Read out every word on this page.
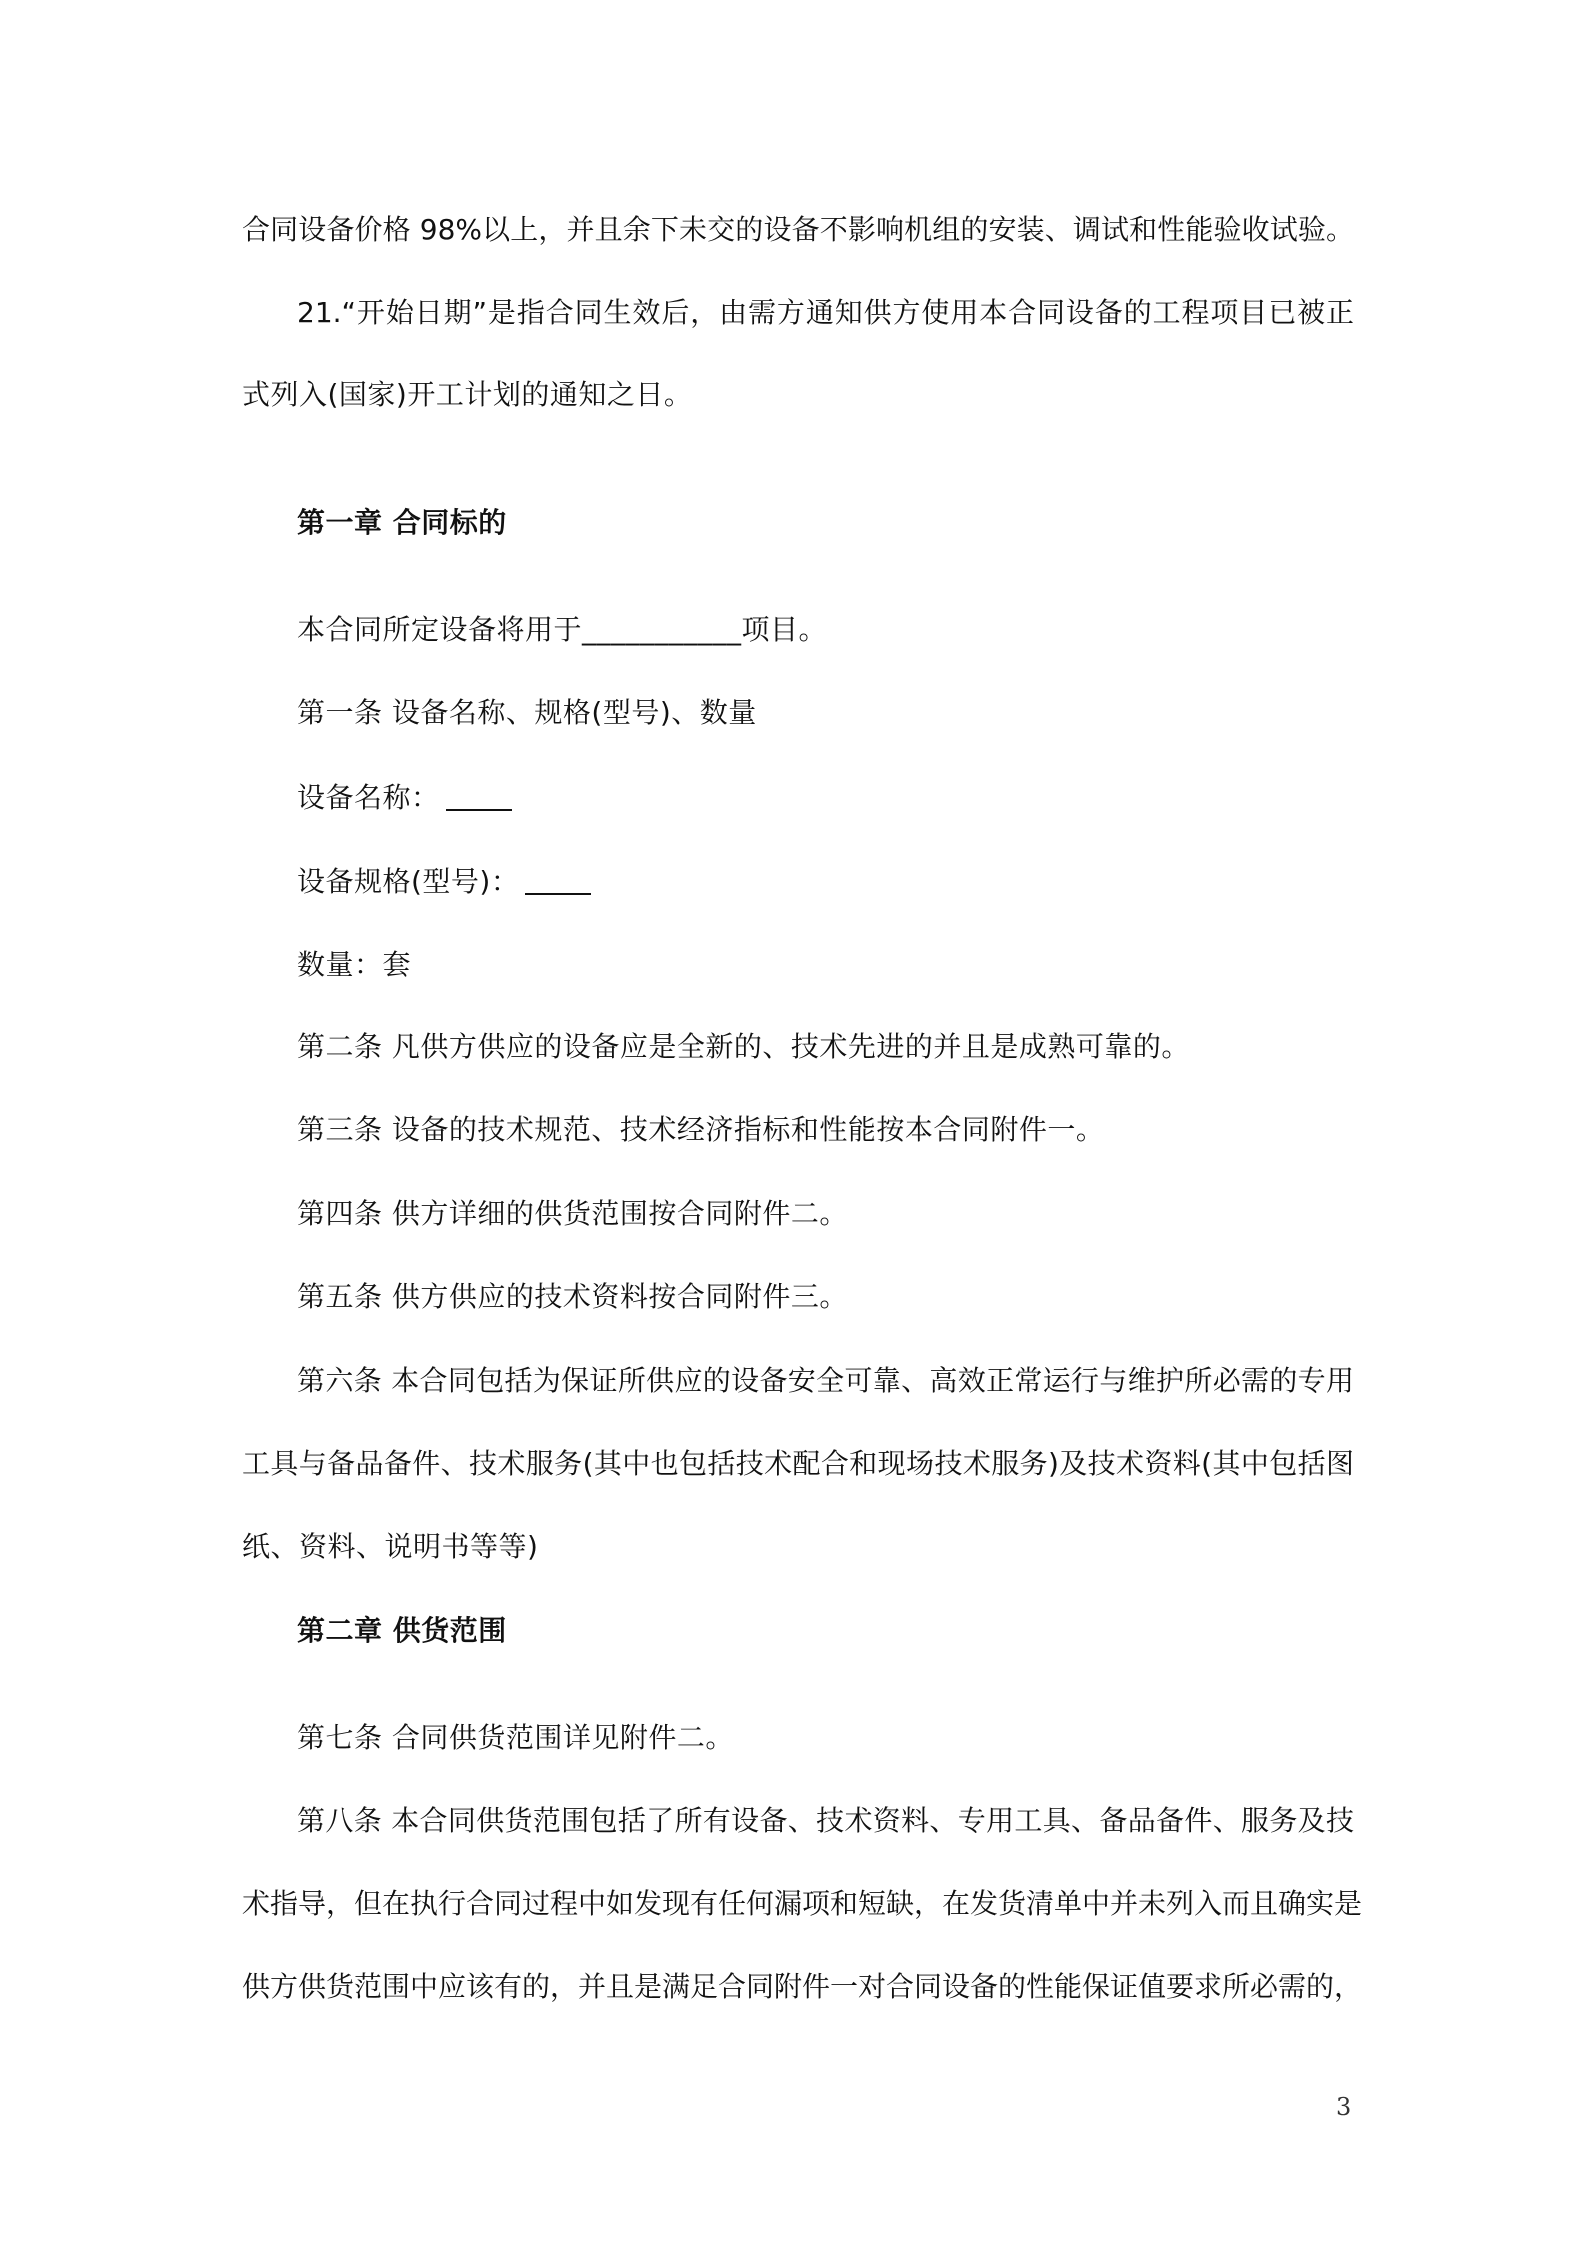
合同设备价格 98%以上，并且余下未交的设备不影响机组的安装、调试和性能验收试验。
21.“开始日期”是指合同生效后，由需方通知供方使用本合同设备的工程项目已被正
式列入(国家)开工计划的通知之日。
第一章 合同标的
本合同所定设备将用于___________项目。
第一条 设备名称、规格(型号)、数量
设备名称：
设备规格(型号)：
数量：套
第二条 凡供方供应的设备应是全新的、技术先进的并且是成熟可靠的。
第三条 设备的技术规范、技术经济指标和性能按本合同附件一。
第四条 供方详细的供货范围按合同附件二。
第五条 供方供应的技术资料按合同附件三。
第六条 本合同包括为保证所供应的设备安全可靠、高效正常运行与维护所必需的专用
工具与备品备件、技术服务(其中也包括技术配合和现场技术服务)及技术资料(其中包括图
纸、资料、说明书等等)
第二章 供货范围
第七条 合同供货范围详见附件二。
第八条 本合同供货范围包括了所有设备、技术资料、专用工具、备品备件、服务及技
术指导，但在执行合同过程中如发现有任何漏项和短缺，在发货清单中并未列入而且确实是
供方供货范围中应该有的，并且是满足合同附件一对合同设备的性能保证值要求所必需的，
3
